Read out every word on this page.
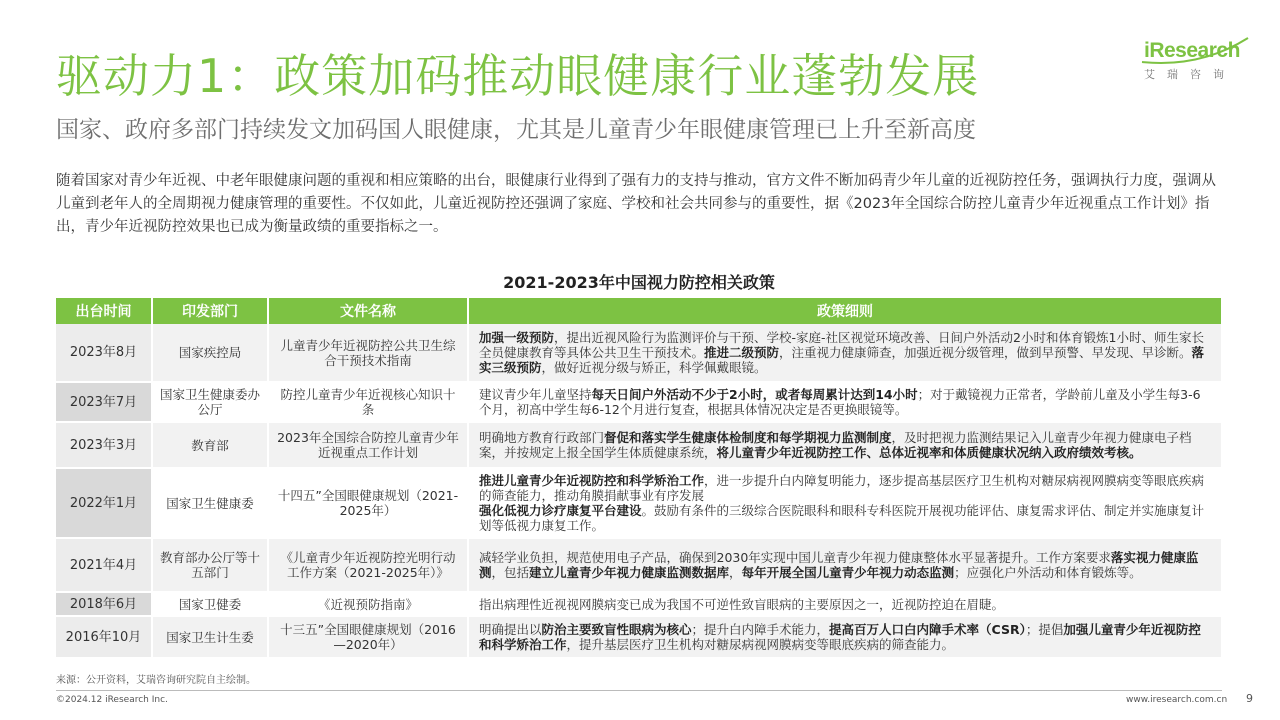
驱动力1：政策加码推动眼健康行业蓬勃发展
国家、政府多部门持续发文加码国人眼健康，尤其是儿童青少年眼健康管理已上升至新高度
iResearch
艾瑞咨询
随着国家对青少年近视、中老年眼健康问题的重视和相应策略的出台，眼健康行业得到了强有力的支持与推动，官方文件不断加码青少年儿童的近视防控任务，强调执行力度，强调从儿童到老年人的全周期视力健康管理的重要性。不仅如此，儿童近视防控还强调了家庭、学校和社会共同参与的重要性，据《2023年全国综合防控儿童青少年近视重点工作计划》指出，青少年近视防控效果也已成为衡量政绩的重要指标之一。
2021-2023年中国视力防控相关政策
出台时间	印发部门	文件名称	政策细则
2023年8月	国家疾控局	儿童青少年近视防控公共卫生综合干预技术指南	加强一级预防，提出近视风险行为监测评价与干预、学校-家庭-社区视觉环境改善、日间户外活动2小时和体育锻炼1小时、师生家长全员健康教育等具体公共卫生干预技术。推进二级预防，注重视力健康筛查，加强近视分级管理，做到早预警、早发现、早诊断。落实三级预防，做好近视分级与矫正，科学佩戴眼镜。
2023年7月	国家卫生健康委办公厅	防控儿童青少年近视核心知识十条	建议青少年儿童坚持每天日间户外活动不少于2小时，或者每周累计达到14小时；对于戴镜视力正常者，学龄前儿童及小学生每3-6个月，初高中学生每6-12个月进行复查，根据具体情况决定是否更换眼镜等。
2023年3月	教育部	2023年全国综合防控儿童青少年近视重点工作计划	明确地方教育行政部门督促和落实学生健康体检制度和每学期视力监测制度，及时把视力监测结果记入儿童青少年视力健康电子档案，并按规定上报全国学生体质健康系统，将儿童青少年近视防控工作、总体近视率和体质健康状况纳入政府绩效考核。
2022年1月	国家卫生健康委	十四五”全国眼健康规划（2021-2025年）	推进儿童青少年近视防控和科学矫治工作，进一步提升白内障复明能力，逐步提高基层医疗卫生机构对糖尿病视网膜病变等眼底疾病的筛查能力，推动角膜捐献事业有序发展
强化低视力诊疗康复平台建设。鼓励有条件的三级综合医院眼科和眼科专科医院开展视功能评估、康复需求评估、制定并实施康复计划等低视力康复工作。
2021年4月	教育部办公厅等十五部门	《儿童青少年近视防控光明行动工作方案（2021-2025年）》	减轻学业负担，规范使用电子产品，确保到2030年实现中国儿童青少年视力健康整体水平显著提升。工作方案要求落实视力健康监测，包括建立儿童青少年视力健康监测数据库，每年开展全国儿童青少年视力动态监测；应强化户外活动和体育锻炼等。
2018年6月	国家卫健委	《近视预防指南》	指出病理性近视视网膜病变已成为我国不可逆性致盲眼病的主要原因之一，近视防控迫在眉睫。
2016年10月	国家卫生计生委	十三五”全国眼健康规划（2016—2020年）	明确提出以防治主要致盲性眼病为核心；提升白内障手术能力，提高百万人口白内障手术率（CSR）；提倡加强儿童青少年近视防控和科学矫治工作，提升基层医疗卫生机构对糖尿病视网膜病变等眼底疾病的筛查能力。
来源：公开资料，艾瑞咨询研究院自主绘制。
©2024.12 iResearch Inc.	www.iresearch.com.cn 9
